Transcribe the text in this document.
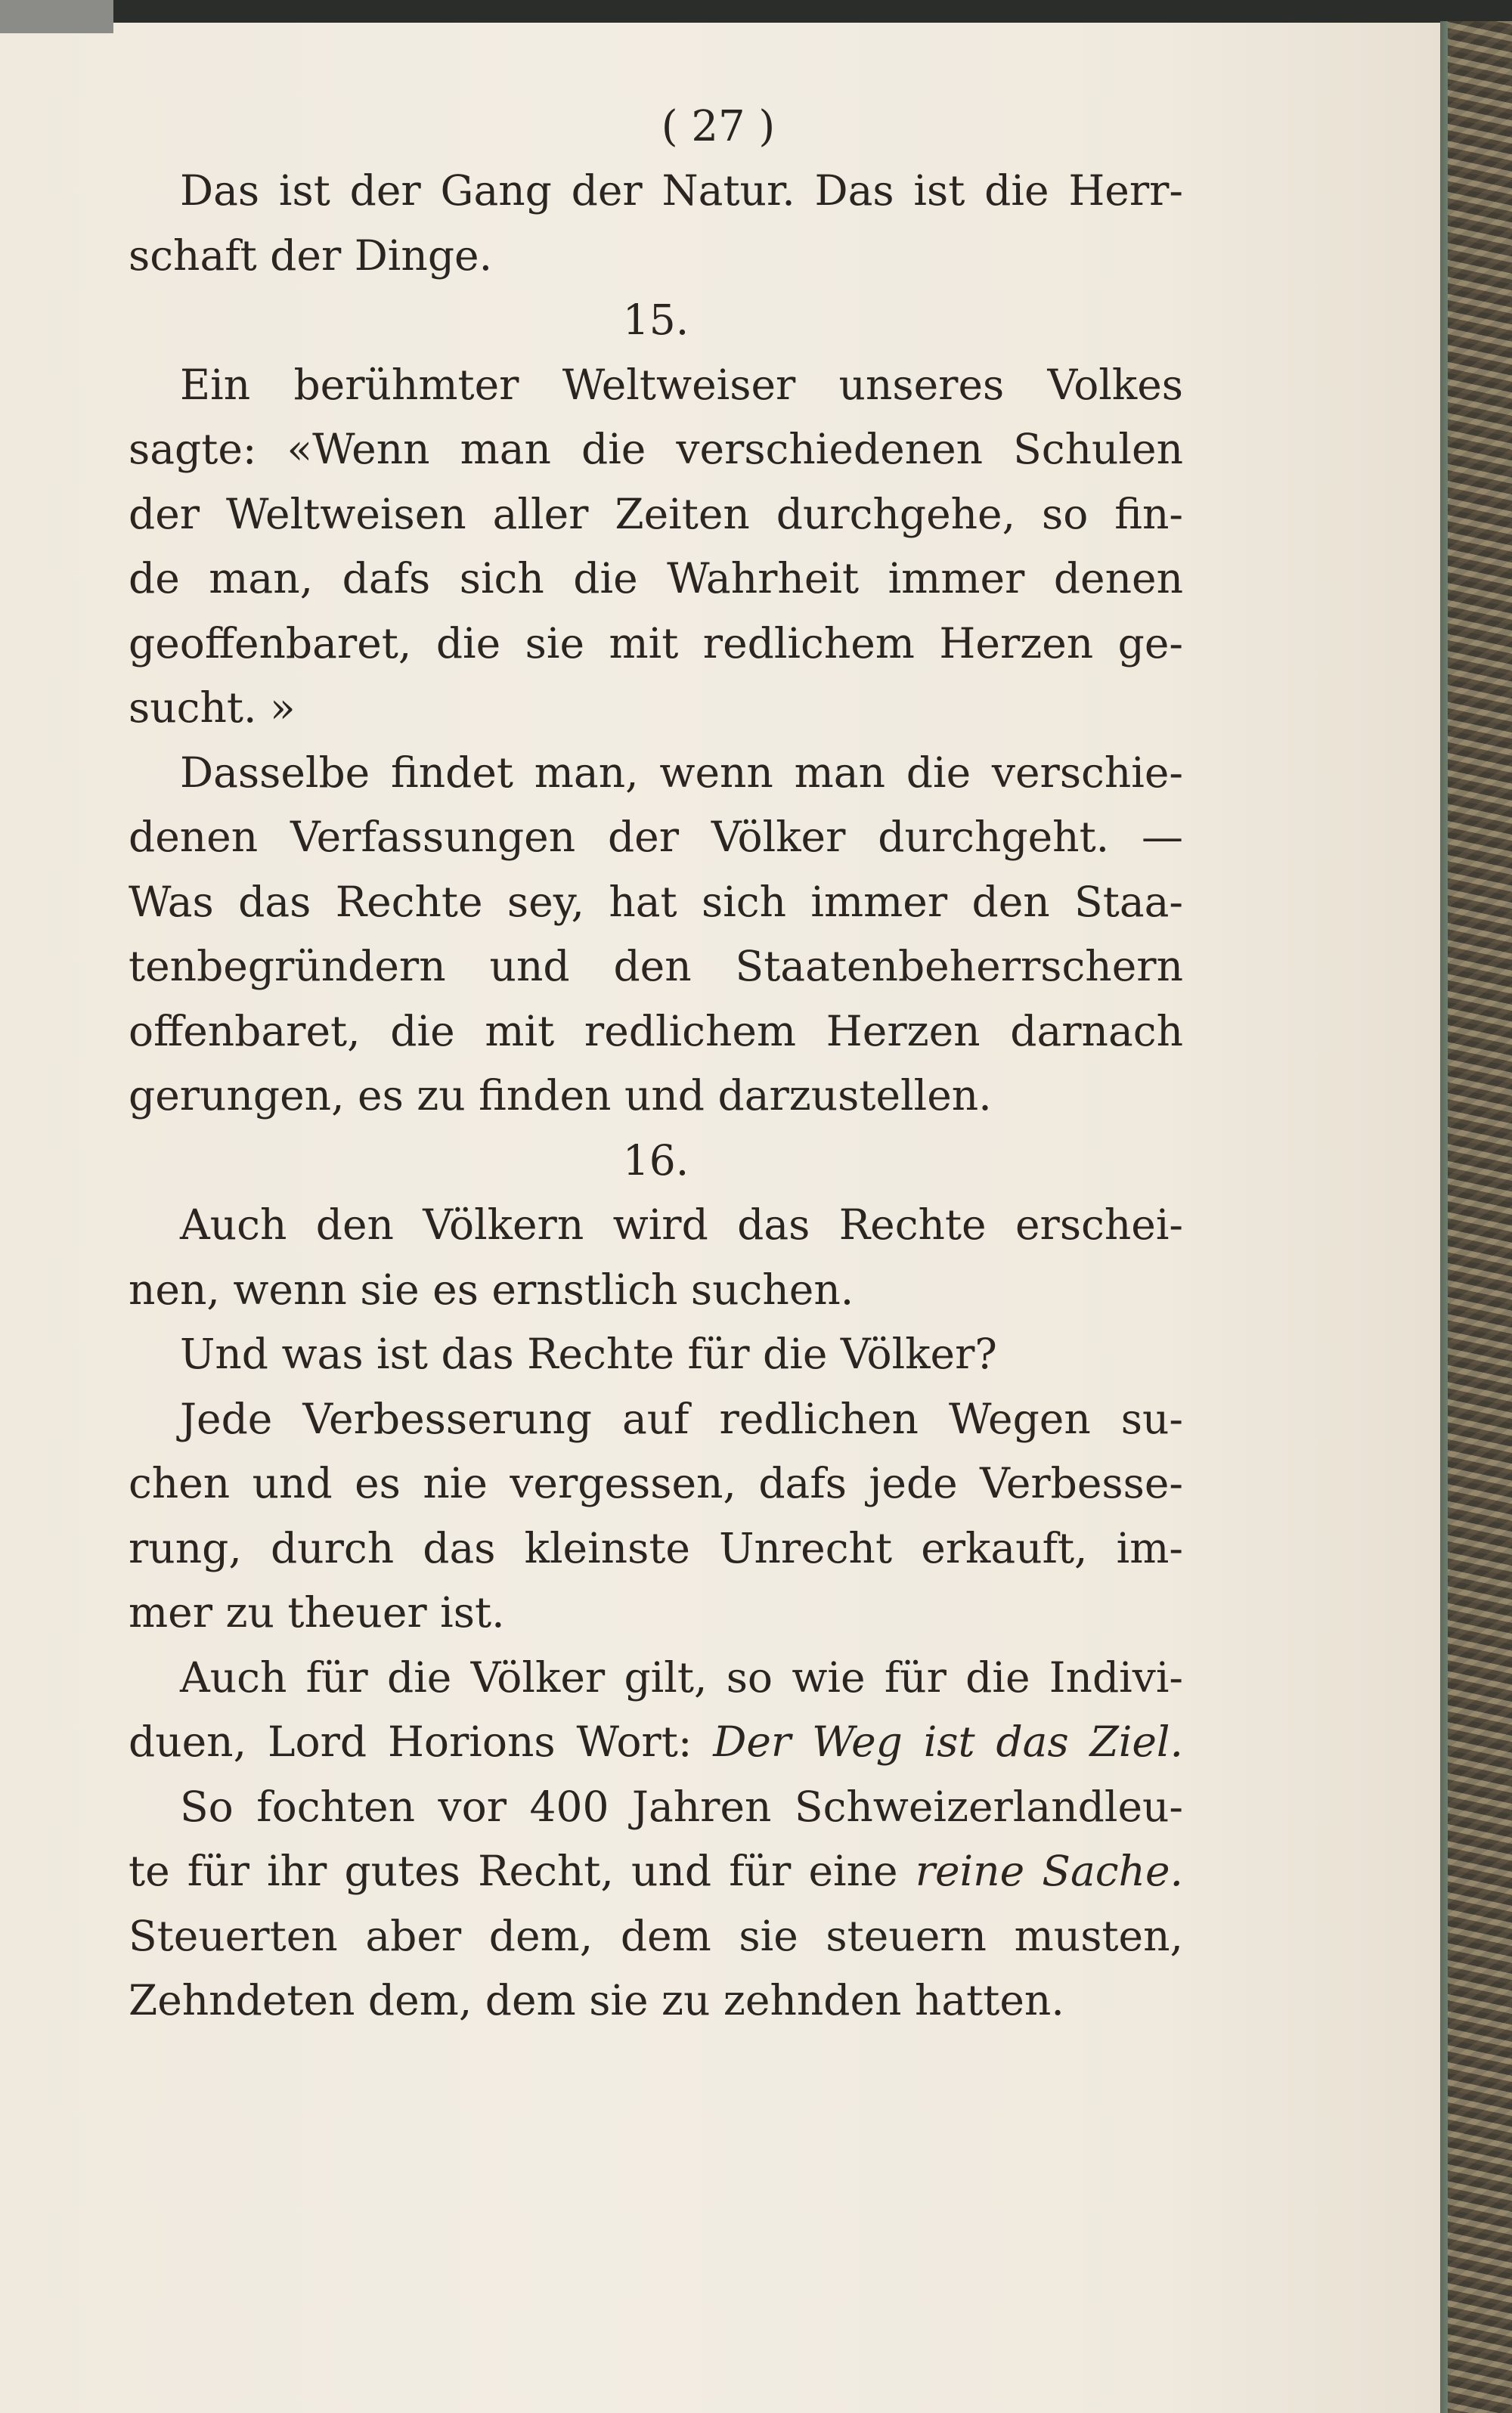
( 27 )
Das ist der Gang der Natur. Das ist die Herr-
schaft der Dinge.
15.
Ein berühmter Weltweiser unseres Volkes
sagte: «Wenn man die verschiedenen Schulen
der Weltweisen aller Zeiten durchgehe, so fin-
de man, dafs sich die Wahrheit immer denen
geoffenbaret, die sie mit redlichem Herzen ge-
sucht. »
Dasselbe findet man, wenn man die verschie-
denen Verfassungen der Völker durchgeht. —
Was das Rechte sey, hat sich immer den Staa-
tenbegründern und den Staatenbeherrschern
offenbaret, die mit redlichem Herzen darnach
gerungen, es zu finden und darzustellen.
16.
Auch den Völkern wird das Rechte erschei-
nen, wenn sie es ernstlich suchen.
Und was ist das Rechte für die Völker?
Jede Verbesserung auf redlichen Wegen su-
chen und es nie vergessen, dafs jede Verbesse-
rung, durch das kleinste Unrecht erkauft, im-
mer zu theuer ist.
Auch für die Völker gilt, so wie für die Indivi-
duen, Lord Horions Wort: Der Weg ist das Ziel.
So fochten vor 400 Jahren Schweizerlandleu-
te für ihr gutes Recht, und für eine reine Sache.
Steuerten aber dem, dem sie steuern musten,
Zehndeten dem, dem sie zu zehnden hatten.
